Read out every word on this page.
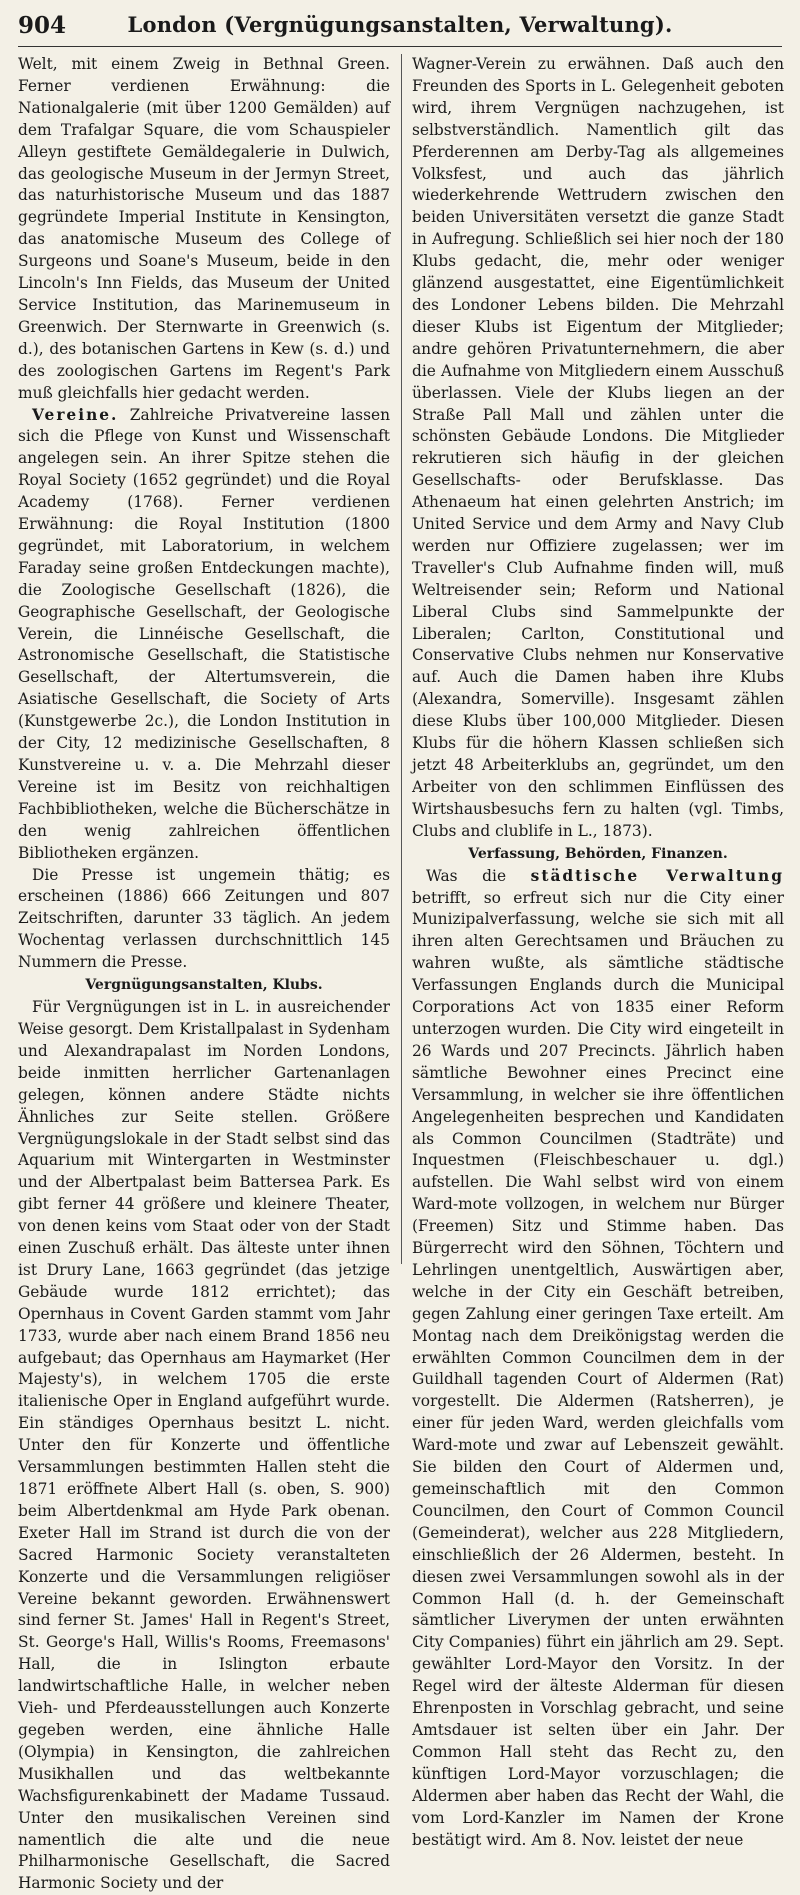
904	London (Vergnügungsanstalten, Verwaltung).

Welt, mit einem Zweig in Bethnal Green. Ferner verdienen Erwähnung: die Nationalgalerie (mit über 1200 Gemälden) auf dem Trafalgar Square, die vom Schauspieler Alleyn gestiftete Gemäldegalerie in Dulwich, das geologische Museum in der Jermyn Street, das naturhistorische Museum und das 1887 gegründete Imperial Institute in Kensington, das anatomische Museum des College of Surgeons und Soane's Museum, beide in den Lincoln's Inn Fields, das Museum der United Service Institution, das Marinemuseum in Greenwich. Der Sternwarte in Greenwich (s. d.), des botanischen Gartens in Kew (s. d.) und des zoologischen Gartens im Regent's Park muß gleichfalls hier gedacht werden.

Vereine. Zahlreiche Privatvereine lassen sich die Pflege von Kunst und Wissenschaft angelegen sein. An ihrer Spitze stehen die Royal Society (1652 gegründet) und die Royal Academy (1768). Ferner verdienen Erwähnung: die Royal Institution (1800 gegründet, mit Laboratorium, in welchem Faraday seine großen Entdeckungen machte), die Zoologische Gesellschaft (1826), die Geographische Gesellschaft, der Geologische Verein, die Linnéische Gesellschaft, die Astronomische Gesellschaft, die Statistische Gesellschaft, der Altertumsverein, die Asiatische Gesellschaft, die Society of Arts (Kunstgewerbe 2c.), die London Institution in der City, 12 medizinische Gesellschaften, 8 Kunstvereine u. v. a. Die Mehrzahl dieser Vereine ist im Besitz von reichhaltigen Fachbibliotheken, welche die Bücherschätze in den wenig zahlreichen öffentlichen Bibliotheken ergänzen.

Die Presse ist ungemein thätig; es erscheinen (1886) 666 Zeitungen und 807 Zeitschriften, darunter 33 täglich. An jedem Wochentag verlassen durchschnittlich 145 Nummern die Presse.

Vergnügungsanstalten, Klubs.

Für Vergnügungen ist in L. in ausreichender Weise gesorgt. Dem Kristallpalast in Sydenham und Alexandrapalast im Norden Londons, beide inmitten herrlicher Gartenanlagen gelegen, können andere Städte nichts Ähnliches zur Seite stellen. Größere Vergnügungslokale in der Stadt selbst sind das Aquarium mit Wintergarten in Westminster und der Albertpalast beim Battersea Park. Es gibt ferner 44 größere und kleinere Theater, von denen keins vom Staat oder von der Stadt einen Zuschuß erhält. Das älteste unter ihnen ist Drury Lane, 1663 gegründet (das jetzige Gebäude wurde 1812 errichtet); das Opernhaus in Covent Garden stammt vom Jahr 1733, wurde aber nach einem Brand 1856 neu aufgebaut; das Opernhaus am Haymarket (Her Majesty's), in welchem 1705 die erste italienische Oper in England aufgeführt wurde. Ein ständiges Opernhaus besitzt L. nicht. Unter den für Konzerte und öffentliche Versammlungen bestimmten Hallen steht die 1871 eröffnete Albert Hall (s. oben, S. 900) beim Albertdenkmal am Hyde Park obenan. Exeter Hall im Strand ist durch die von der Sacred Harmonic Society veranstalteten Konzerte und die Versammlungen religiöser Vereine bekannt geworden. Erwähnenswert sind ferner St. James' Hall in Regent's Street, St. George's Hall, Willis's Rooms, Freemasons' Hall, die in Islington erbaute landwirtschaftliche Halle, in welcher neben Vieh- und Pferdeausstellungen auch Konzerte gegeben werden, eine ähnliche Halle (Olympia) in Kensington, die zahlreichen Musikhallen und das weltbekannte Wachsfigurenkabinett der Madame Tussaud. Unter den musikalischen Vereinen sind namentlich die alte und die neue Philharmonische Gesellschaft, die Sacred Harmonic Society und der

Wagner-Verein zu erwähnen. Daß auch den Freunden des Sports in L. Gelegenheit geboten wird, ihrem Vergnügen nachzugehen, ist selbstverständlich. Namentlich gilt das Pferderennen am Derby-Tag als allgemeines Volksfest, und auch das jährlich wiederkehrende Wettrudern zwischen den beiden Universitäten versetzt die ganze Stadt in Aufregung. Schließlich sei hier noch der 180 Klubs gedacht, die, mehr oder weniger glänzend ausgestattet, eine Eigentümlichkeit des Londoner Lebens bilden. Die Mehrzahl dieser Klubs ist Eigentum der Mitglieder; andre gehören Privatunternehmern, die aber die Aufnahme von Mitgliedern einem Ausschuß überlassen. Viele der Klubs liegen an der Straße Pall Mall und zählen unter die schönsten Gebäude Londons. Die Mitglieder rekrutieren sich häufig in der gleichen Gesellschafts- oder Berufsklasse. Das Athenaeum hat einen gelehrten Anstrich; im United Service und dem Army and Navy Club werden nur Offiziere zugelassen; wer im Traveller's Club Aufnahme finden will, muß Weltreisender sein; Reform und National Liberal Clubs sind Sammelpunkte der Liberalen; Carlton, Constitutional und Conservative Clubs nehmen nur Konservative auf. Auch die Damen haben ihre Klubs (Alexandra, Somerville). Insgesamt zählen diese Klubs über 100,000 Mitglieder. Diesen Klubs für die höhern Klassen schließen sich jetzt 48 Arbeiterklubs an, gegründet, um den Arbeiter von den schlimmen Einflüssen des Wirtshausbesuchs fern zu halten (vgl. Timbs, Clubs and clublife in L., 1873).

Verfassung, Behörden, Finanzen.

Was die städtische Verwaltung betrifft, so erfreut sich nur die City einer Munizipalverfassung, welche sie sich mit all ihren alten Gerechtsamen und Bräuchen zu wahren wußte, als sämtliche städtische Verfassungen Englands durch die Municipal Corporations Act von 1835 einer Reform unterzogen wurden. Die City wird eingeteilt in 26 Wards und 207 Precincts. Jährlich haben sämtliche Bewohner eines Precinct eine Versammlung, in welcher sie ihre öffentlichen Angelegenheiten besprechen und Kandidaten als Common Councilmen (Stadträte) und Inquestmen (Fleischbeschauer u. dgl.) aufstellen. Die Wahl selbst wird von einem Ward-mote vollzogen, in welchem nur Bürger (Freemen) Sitz und Stimme haben. Das Bürgerrecht wird den Söhnen, Töchtern und Lehrlingen unentgeltlich, Auswärtigen aber, welche in der City ein Geschäft betreiben, gegen Zahlung einer geringen Taxe erteilt. Am Montag nach dem Dreikönigstag werden die erwählten Common Councilmen dem in der Guildhall tagenden Court of Aldermen (Rat) vorgestellt. Die Aldermen (Ratsherren), je einer für jeden Ward, werden gleichfalls vom Ward-mote und zwar auf Lebenszeit gewählt. Sie bilden den Court of Aldermen und, gemeinschaftlich mit den Common Councilmen, den Court of Common Council (Gemeinderat), welcher aus 228 Mitgliedern, einschließlich der 26 Aldermen, besteht. In diesen zwei Versammlungen sowohl als in der Common Hall (d. h. der Gemeinschaft sämtlicher Liverymen der unten erwähnten City Companies) führt ein jährlich am 29. Sept. gewählter Lord-Mayor den Vorsitz. In der Regel wird der älteste Alderman für diesen Ehrenposten in Vorschlag gebracht, und seine Amtsdauer ist selten über ein Jahr. Der Common Hall steht das Recht zu, den künftigen Lord-Mayor vorzuschlagen; die Aldermen aber haben das Recht der Wahl, die vom Lord-Kanzler im Namen der Krone bestätigt wird. Am 8. Nov. leistet der neue
